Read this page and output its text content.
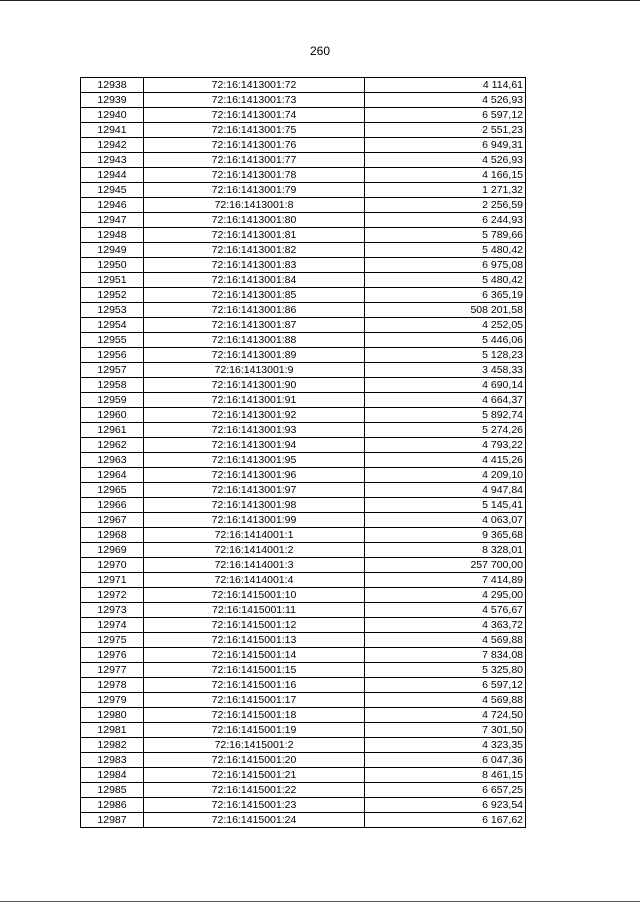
260
12938	72:16:1413001:72	4 114,61
12939	72:16:1413001:73	4 526,93
12940	72:16:1413001:74	6 597,12
12941	72:16:1413001:75	2 551,23
12942	72:16:1413001:76	6 949,31
12943	72:16:1413001:77	4 526,93
12944	72:16:1413001:78	4 166,15
12945	72:16:1413001:79	1 271,32
12946	72:16:1413001:8	2 256,59
12947	72:16:1413001:80	6 244,93
12948	72:16:1413001:81	5 789,66
12949	72:16:1413001:82	5 480,42
12950	72:16:1413001:83	6 975,08
12951	72:16:1413001:84	5 480,42
12952	72:16:1413001:85	6 365,19
12953	72:16:1413001:86	508 201,58
12954	72:16:1413001:87	4 252,05
12955	72:16:1413001:88	5 446,06
12956	72:16:1413001:89	5 128,23
12957	72:16:1413001:9	3 458,33
12958	72:16:1413001:90	4 690,14
12959	72:16:1413001:91	4 664,37
12960	72:16:1413001:92	5 892,74
12961	72:16:1413001:93	5 274,26
12962	72:16:1413001:94	4 793,22
12963	72:16:1413001:95	4 415,26
12964	72:16:1413001:96	4 209,10
12965	72:16:1413001:97	4 947,84
12966	72:16:1413001:98	5 145,41
12967	72:16:1413001:99	4 063,07
12968	72:16:1414001:1	9 365,68
12969	72:16:1414001:2	8 328,01
12970	72:16:1414001:3	257 700,00
12971	72:16:1414001:4	7 414,89
12972	72:16:1415001:10	4 295,00
12973	72:16:1415001:11	4 576,67
12974	72:16:1415001:12	4 363,72
12975	72:16:1415001:13	4 569,88
12976	72:16:1415001:14	7 834,08
12977	72:16:1415001:15	5 325,80
12978	72:16:1415001:16	6 597,12
12979	72:16:1415001:17	4 569,88
12980	72:16:1415001:18	4 724,50
12981	72:16:1415001:19	7 301,50
12982	72:16:1415001:2	4 323,35
12983	72:16:1415001:20	6 047,36
12984	72:16:1415001:21	8 461,15
12985	72:16:1415001:22	6 657,25
12986	72:16:1415001:23	6 923,54
12987	72:16:1415001:24	6 167,62
